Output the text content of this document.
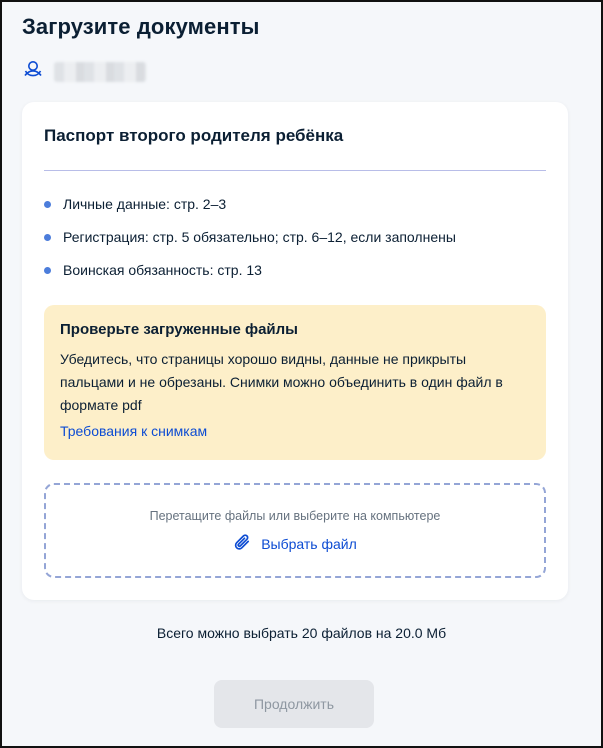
Загрузите документы
Паспорт второго родителя ребёнка
Личные данные: стр. 2–3
Регистрация: стр. 5 обязательно; стр. 6–12, если заполнены
Воинская обязанность: стр. 13
Проверьте загруженные файлы
Убедитесь, что страницы хорошо видны, данные не прикрыты пальцами и не обрезаны. Снимки можно объединить в один файл в формате pdf
Требования к снимкам
Перетащите файлы или выберите на компьютере
Выбрать файл
Всего можно выбрать 20 файлов на 20.0 Мб
Продолжить
